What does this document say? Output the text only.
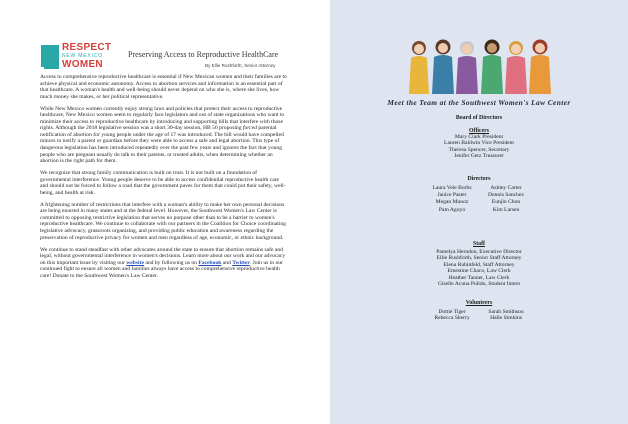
RESPECT
NEW MEXICO
WOMEN
Preserving Access to Reproductive HealthCare
By Ellie Rushforth, Senior Attorney

Access to comprehensive reproductive healthcare is essential if New Mexican women and their families are to achieve physical and economic autonomy. Access to abortion services and information is an essential part of that healthcare. A woman's health and well-being should never depend on who she is, where she lives, how much money she makes, or her political representative.

While New Mexico women currently enjoy strong laws and policies that protect their access to reproductive healthcare, New Mexico women seem to regularly face legislators and out of state organizations who want to minimize their access to reproductive healthcare by introducing and supporting bills that interfere with those rights. Although the 2018 legislative session was a short 30-day session, HB 56 proposing forced parental notification of abortion for young people under the age of 17 was introduced. The bill would have compelled minors to notify a parent or guardian before they were able to access a safe and legal abortion. This type of dangerous legislation has been introduced repeatedly over the past few years and ignores the fact that young people who are pregnant usually do talk to their parents, or trusted adults, when determining whether an abortion is the right path for them.

We recognize that strong family communication is built on trust. It is not built on a foundation of governmental interference. Young people deserve to be able to access confidential reproductive health care and should not be forced to follow a road that the government paves for them that could put their safety, well-being, and health at risk.

A frightening number of restrictions that interfere with a woman's ability to make her own personal decisions are being enacted in many states and at the federal level. However, the Southwest Women's Law Center is committed to opposing restrictive legislation that serves no purpose other than to be a barrier to women's reproductive healthcare. We continue to collaborate with our partners in the Coalition for Choice coordinating legislative advocacy, grassroots organizing, and providing public education and awareness regarding the preservation of reproductive privacy for women and men regardless of age, economic, or ethnic background.

We continue to stand steadfast with other advocates around the state to ensure that abortion remains safe and legal, without governmental interference in women's decisions. Learn more about our work and our advocacy on this important issue by visiting our website and by following us on Facebook and Twitter. Join us in our continued fight to ensure all women and families always have access to comprehensive reproductive health care! Donate to the Southwest Women's Law Center.

Meet the Team at the Southwest Women's Law Center
Board of Directors
Officers
Mary Clark President
Lauren Baldwin Vice President
Theresa Spencer, Secretary
Jenifer Getz Treasurer
Directors
Laura Vele Burbs	Ashley Carter
Janice Paster	Dennis Sanchez
Megan Munoz	Eunjin Chon
Pam Agoyo	Kim Larsen
Staff
Pamelya Herndon, Executive Director
Ellie Rushforth, Senior Staff Attorney
Elena Rubinfeld, Staff Attorney
Ernestine Chaco, Law Clerk
Heather Tanner, Law Clerk
Giselle Acuna Pulido, Student Intern
Volunteers
Dottie Tiger	Sarah Smithson
Rebecca Sherry	Halle Simkins
